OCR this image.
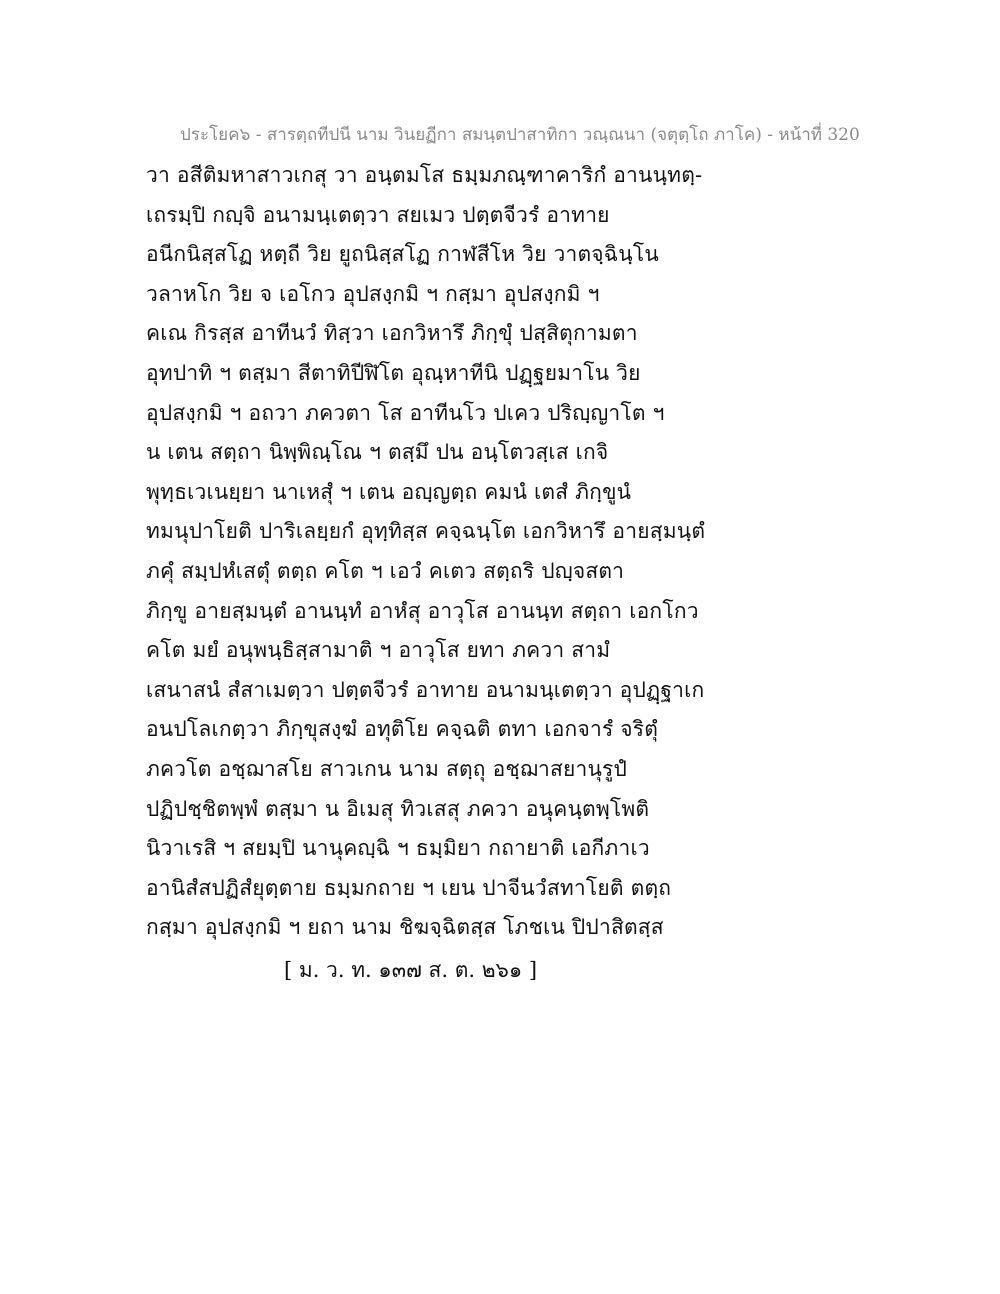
ประโยค๖ - สารตฺถทีปนี นาม วินยฏีกา สมนฺตปาสาทิกา วณฺณนา (จตุตฺโถ ภาโค) - หน้าที่ 320
วา อสีติมหาสาวเกสุ วา อนฺตมโส ธมฺมภณฺฑาคาริกํ อานนฺทตฺ-
เถรมฺปิ กญฺจิ อนามนฺเตตฺวา สยเมว ปตฺตจีวรํ อาทาย
อนีกนิสฺสโฏ หตฺถี วิย ยูถนิสฺสโฏ กาฬสีโห วิย วาตจฺฉินฺโน
วลาหโก วิย จ เอโกว อุปสงฺกมิ ฯ กสฺมา อุปสงฺกมิ ฯ
คเณ กิรสฺส อาทีนวํ ทิสฺวา เอกวิหารึ ภิกฺขุํ ปสฺสิตุกามตา
อุทปาทิ ฯ ตสฺมา สีตาทิปีฬิโต อุณฺหาทีนิ ปฏฺฐยมาโน วิย
อุปสงฺกมิ ฯ อถวา ภควตา โส อาทีนโว ปเคว ปริญฺญาโต ฯ
น เตน สตฺถา นิพฺพิณฺโณ ฯ ตสฺมึ ปน อนฺโตวสฺเส เกจิ
พุทฺธเวเนยฺยา นาเหสุํ ฯ เตน อญฺญตฺถ คมนํ เตสํ ภิกฺขูนํ
ทมนุปาโยติ ปาริเลยฺยกํ อุทฺทิสฺส คจฺฉนฺโต เอกวิหารึ อายสฺมนฺตํ
ภคุํ สมฺปหํเสตุํ ตตฺถ คโต ฯ เอวํ คเตว สตฺถริ ปญฺจสตา
ภิกฺขู อายสฺมนฺตํ อานนฺทํ อาหํสุ อาวุโส อานนฺท สตฺถา เอกโกว
คโต มยํ อนุพนฺธิสฺสามาติ ฯ อาวุโส ยทา ภควา สามํ
เสนาสนํ สํสาเมตฺวา ปตฺตจีวรํ อาทาย อนามนฺเตตฺวา อุปฏฺฐาเก
อนปโลเกตฺวา ภิกฺขุสงฺฆํ อทุติโย คจฺฉติ ตทา เอกจารํ จริตุํ
ภควโต อชฺฌาสโย สาวเกน นาม สตฺถุ อชฺฌาสยานุรูปํ
ปฏิปชฺชิตพฺพํ ตสฺมา น อิเมสุ ทิวเสสุ ภควา อนุคนฺตพฺโพติ
นิวาเรสิ ฯ สยมฺปิ นานุคญฺฉิ ฯ ธมฺมิยา กถายาติ เอกีภาเว
อานิสํสปฏิสํยุตฺตาย ธมฺมกถาย ฯ เยน ปาจีนวํสทาโยติ ตตฺถ
กสฺมา อุปสงฺกมิ ฯ ยถา นาม ชิฆจฺฉิตสฺส โภชเน ปิปาสิตสฺส
[ ม. ว. ท. ๑๓๗ ส. ต. ๒๖๑ ]
